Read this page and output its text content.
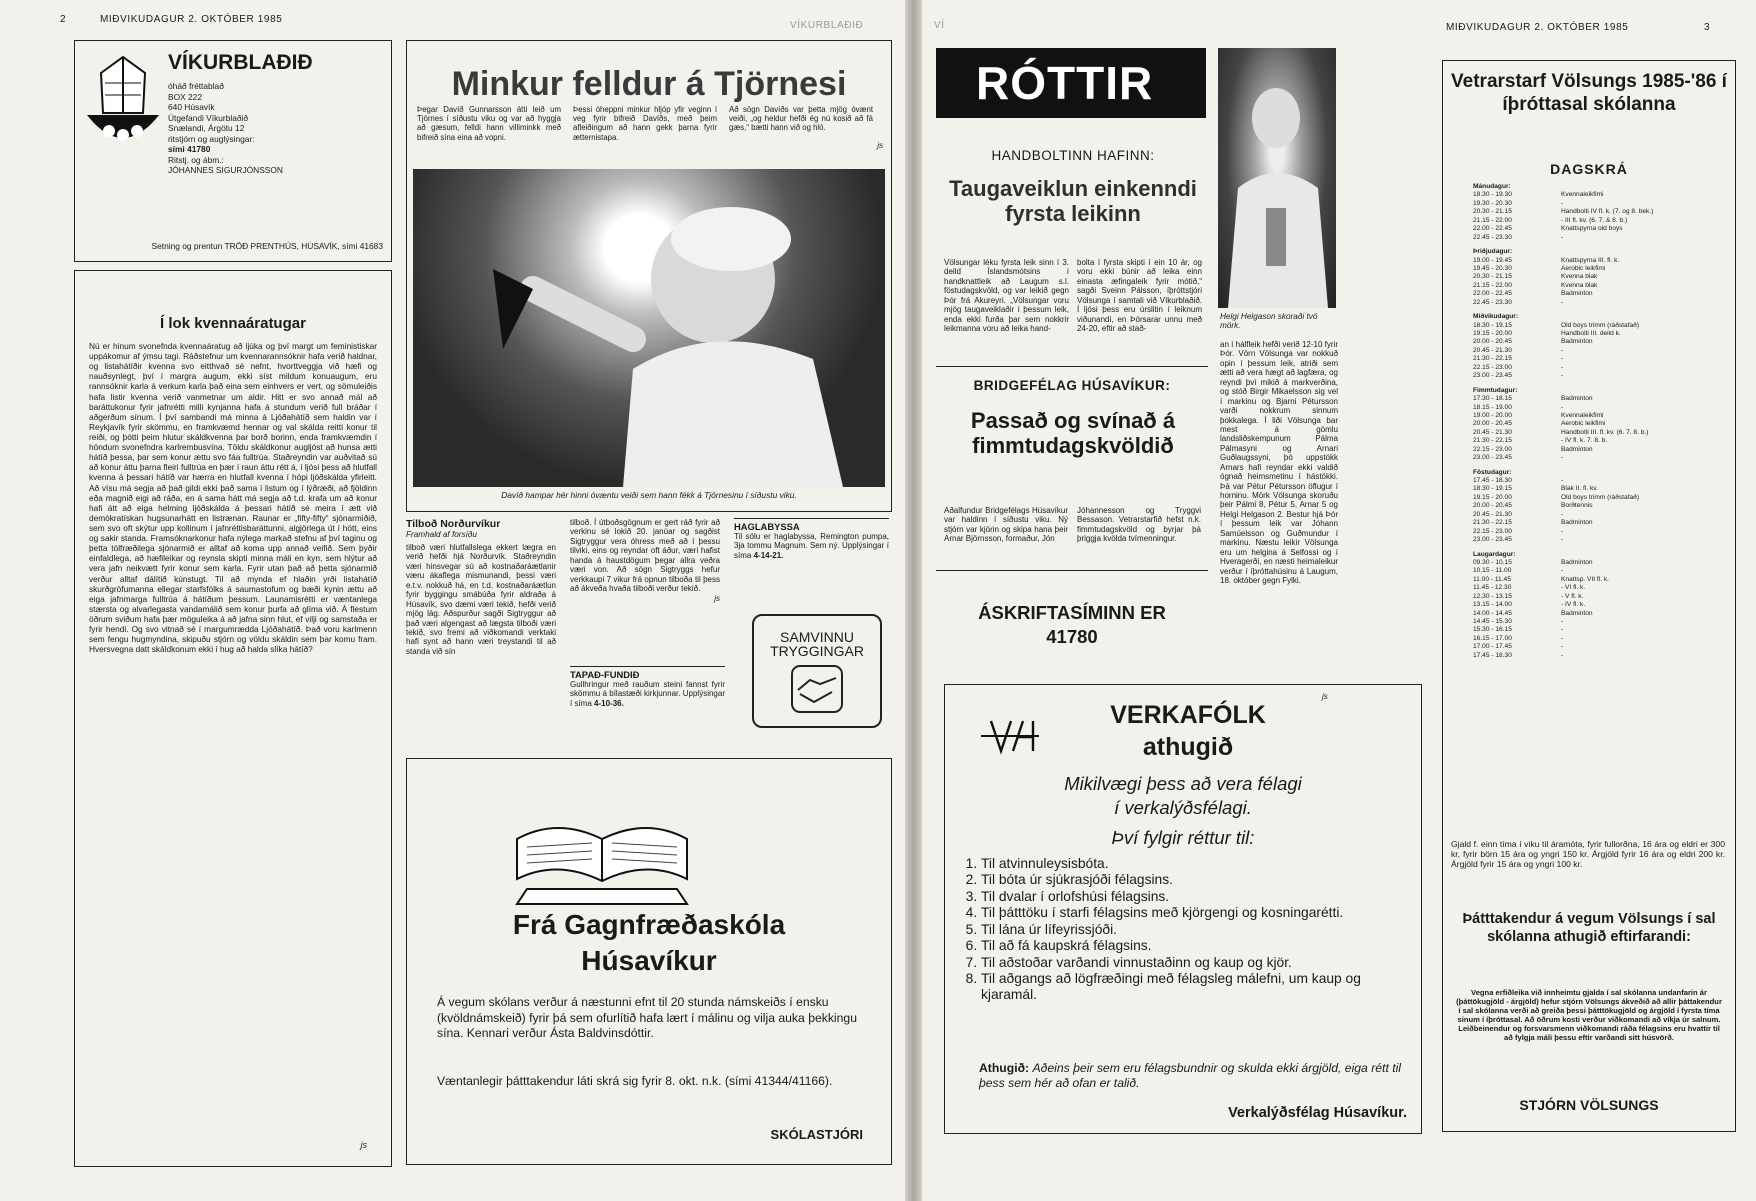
2	MIÐVIKUDAGUR 2. OKTÓBER 1985
VÍKURBLAÐIÐ
VÍKURBLAÐIÐ
óháð fréttablað
BOX 222
640 Húsavík
Útgefandi Víkurblaðið
Snælandi, Árgötu 12
ritstjórn og auglýsingar:
sími 41780
Ritstj. og ábm.:
JÓHANNES SIGURJÓNSSON
Setning og prentun TRÖÐ PRENTHÚS, HÚSAVÍK, sími 41683
Í lok kvennaáratugar
Nú er hinum svonefnda kvennaáratug að ljúka og því margt um feministiskar uppákomur af ýmsu tagi. Ráðstefnur um kvennarannsóknir hafa verið haldnar, og listahátíðir kvenna svo eitthvað sé nefnt, hvorttveggja við hæfi og nauðsynlegt, því í margra augum, ekki síst mildum konuaugum, eru rannsóknir karla á verkum karla það eina sem einhvers er vert, og sömuleiðis hafa listir kvenna verið vanmetnar um aldir. Hitt er svo annað mál að baráttukonur fyrir jafnrétti milli kynjanna hafa á stundum verið full bráðar í aðgerðum sínum. Í því sambandi má minna á Ljóðahátíð sem haldin var í Reykjavík fyrir skömmu, en framkvæmd hennar og val skálda reitti konur til reiði, og þótti þeim hlutur skáldkvenna þar borð borinn, enda framkvæmdin í höndum svonefndra karlrembusvína. Töldu skáldkonur augljóst að hunsa ætti hátíð þessa, þar sem konur ættu svo fáa fulltrúa. Staðreyndin var auðvitað sú að konur áttu þarna fleiri fulltrúa en þær í raun áttu rétt á, í ljósi þess að hlutfall kvenna á þessari hátíð var hærra en hlutfall kvenna í hópi ljóðskálda yfirleitt. Að vísu má segja að það gildi ekki það sama í listum og í lýðræði, að fjöldinn eða magnið eigi að ráða, en á sama hátt má segja að t.d. krafa um að konur hafi átt að eiga helming ljóðskálda á þessari hátíð sé meira í ætt við demókratískan hugsunarhátt en listrænan. Raunar er „fifty-fifty“ sjónarmiðið, sem svo oft skýtur upp kollinum í jafnréttisbaráttunni, algjörlega út í hött, eins og sakir standa. Framsóknarkonur hafa nýlega markað stefnu af því taginu og þetta tölfræðilega sjónarmið er alltaf að koma upp annað veifið. Sem þyðir einfaldlega, að hæfileikar og reynsla skipti minna máli en kyn, sem hlýtur að vera jafn neikvætt fyrir konur sem karla. Fyrir utan það að þetta sjónarmið verður alltaf dálítið kúnstugt. Til að mynda ef hlaðin yrði listahátíð skurðgröfumanna ellegar starfsfólks á saumastofum og bæði kynin ættu að eiga jafnmarga fulltrúa á hátíðum þessum. Launamisrétti er væntanlega stærsta og alvarlegasta vandamálið sem konur þurfa að glíma við. Á flestum öðrum sviðum hafa þær möguleika á að jafna sinn hlut, ef vilji og samstaða er fyrir hendi. Og svo vitnað sé í margumrædda Ljóðahátíð. Það voru karlmenn sem fengu hugmyndina, skipuðu stjórn og völdu skáldin sem þar komu fram. Hversvegna datt skáldkonum ekki í hug að halda slíka hátíð?
js
Minkur felldur á Tjörnesi
Þegar Davíð Gunnarsson átti leið um Tjörnes í síðustu viku og var að hyggja að gæsum, felldi hann villiminkk með bifreið sína eina að vopni.
Þessi óheppni minkur hljóp yfir veginn í veg fyrir bifreið Davíðs, með þeim afleiðingum að hann gekk þarna fyrir ætternistapa.
Að sögn Davíðs var þetta mjög óvænt veiði, „og heldur hefði ég nú kosið að fá gæs,“ bætti hann við og hló.
js
Davíð hampar hér hinni óvæntu veiði sem hann fékk á Tjörnesinu í síðustu viku.
Tilboð Norðurvíkur
Framhald af forsíðu
tilboð væri hlutfallslega ekkert lægra en verið hefði hjá Norðurvík. Staðreyndin væri hinsvegar sú að kostnaðaráætlanir væru ákaflega mismunandi, þessi væri e.t.v. nokkuð há, en t.d. kostnaðaráætlun fyrir byggingu smábúða fyrir aldraða á Húsavík, svo dæmi væri tekið, hefði verið mjög lág. Aðspurður sagði Sigtryggur að það væri algengast að lægsta tilboði væri tekið, svo fremi að viðkomandi verktaki hafi synt að hann væri treystandi til að standa við sín
tilboð. Í útboðsgögnum er gert ráð fyrir að verkinu sé lokið 20. janúar og sagðist Sigtryggur vera óhress með að í þessu tilviki, eins og reyndar oft áður, væri hafist handa á haustdögum þegar allra veðra væri von. Að sögn Sigtryggs hefur verkkaupi 7 vikur frá opnun tilboða til þess að ákveða hvaða tilboði verður tekið.
js
HAGLABYSSA
Til sölu er haglabyssa, Remington pumpa, 3ja tommu Magnum. Sem ný. Upplýsingar í síma 4-14-21.
SAMVINNU
TRYGGINGAR
TAPAÐ-FUNDIÐ
Gullhringur með rauðum steini fannst fyrir skömmu á bílastæði kirkjunnar. Upplýsingar í síma 4-10-36.
Frá Gagnfræðaskóla
Húsavíkur
Á vegum skólans verður á næstunni efnt til 20 stunda námskeiðs í ensku (kvöldnámskeið) fyrir þá sem ofurlítið hafa lært í málinu og vilja auka þekkingu sína. Kennari verður Ásta Baldvinsdóttir.
Væntanlegir þátttakendur láti skrá sig fyrir 8. okt. n.k. (sími 41344/41166).
SKÓLASTJÓRI
VÍ	MIÐVIKUDAGUR 2. OKTÓBER 1985	3
RÓTTIR
HANDBOLTINN HAFINN:
Taugaveiklun einkenndi fyrsta leikinn
Völsungar léku fyrsta leik sinn í 3. deild Íslandsmótsins í handknattleik að Laugum s.l. föstudagskvöld, og var leikið gegn Þór frá Akureyri. „Völsungar voru mjög taugaveiklaðir í þessum leik, enda ekki furða þar sem nokkrir leikmanna voru að leika hand-
bolta í fyrsta skipti í ein 10 ár, og voru ekki búnir að leika einn einasta æfingaleik fyrir mótið,“ sagði Sveinn Pálsson, íþróttstjóri Völsunga í samtali við Víkurblaðið. Í ljósi þess eru úrslitin í leiknum viðunandi, en Þórsarar unnu með 24-20, eftir að stað-
Helgi Helgason skoraði tvö mörk.
an í hálfleik hefði verið 12-10 fyrir Þór. Vörn Völsunga var nokkuð opin í þessum leik, atriði sem ætti að vera hægt að lagfæra, og reyndi því mikið á markverðina, og stóð Birgir Mikaelsson sig vel í markinu og Bjarni Pétursson varði nokkrum sinnum þokkalega. Í liði Völsunga bar mest á gömlu landsliðskempunum Pálma Pálmasyni og Arnari Guðlaugssyni, þó uppstökk Arnars hafi reyndar ekki valdið ógnað heimsmetinu í hástökki. Þá var Pétur Pétursson öflugur í horninu. Mörk Völsunga skoruðu þeir Pálmi 8, Pétur 5, Arnar 5 og Helgi Helgason 2. Bestur hjá Þór í þessum leik var Jóhann Samúelsson og Guðmundur í markinu. Næstu leikir Völsunga eru um helgina á Selfossi og í Hveragerði, en næsti heimaleikur verður í íþróttahúsinu á Laugum, 18. október gegn Fylki.
js
BRIDGEFÉLAG HÚSAVÍKUR:
Passað og svínað á fimmtudagskvöldið
Aðalfundur Bridgefélags Húsavíkur var haldinn í síðustu viku. Ný stjórn var kjörin og skipa hana þeir Arnar Björnsson, formaður, Jón
Jóhannesson og Tryggvi Bessason. Vetrarstarfið hefst n.k. fimmtudagskvöld og byrjar þá þriggja kvölda tvímenningur.
ÁSKRIFTASÍMINN ER
41780
VERKAFÓLK
athugið
Mikilvægi þess að vera félagi
í verkalýðsfélagi.
Því fylgir réttur til:
1. Til atvinnuleysisbóta.
2. Til bóta úr sjúkrasjóði félagsins.
3. Til dvalar í orlofshúsi félagsins.
4. Til þátttöku í starfi félagsins með kjörgengi og kosningarétti.
5. Til lána úr lífeyrissjóði.
6. Til að fá kaupskrá félagsins.
7. Til aðstoðar varðandi vinnustaðinn og kaup og kjör.
8. Til aðgangs að lögfræðingi með félagsleg málefni, um kaup og kjaramál.
Athugið: Aðeins þeir sem eru félagsbundnir og skulda ekki árgjöld, eiga rétt til þess sem hér að ofan er talið.
Verkalýðsfélag Húsavíkur.
Vetrarstarf Völsungs 1985-'86 í íþróttasal skólanna
DAGSKRÁ
Mánudagur:
18.30 - 19.30	Kvennaleikfimi
19.30 - 20.30	-
20.30 - 21.15	Handbolti IV fl. k. (7. og 8. bek.)
21.15 - 22.00	- III fl. kv. (6. 7. & 8. b.)
22.00 - 22.45	Knattspyrna old boys
22.45 - 23.30	-
Þriðjudagur:
19.00 - 19.45	Knattspyrna III. fl. k.
19.45 - 20.30	Aerobic leikfimi
20.30 - 21.15	Kvenna blak
21.15 - 22.00	Kvenna blak
22.00 - 22.45	Badminton
22.45 - 23.30	-
Miðvikudagur:
18.30 - 19.15	Old boys trimm (ráðstafað)
19.15 - 20.00	Handbolti III. deild k.
20.00 - 20.45	Badminton
20.45 - 21.30	-
21.30 - 22.15	-
22.15 - 23.00	-
23.00 - 23.45	-
Fimmtudagur:
17.30 - 18.15	Badminton
18.15 - 19.00	-
19.00 - 20.00	Kvennaleikfimi
20.00 - 20.45	Aerobic leikfimi
20.45 - 21.30	Handbolti III. fl. kv. (6. 7. 8. b.)
21.30 - 22.15	- IV fl. k. 7. 8. b.
22.15 - 23.00	Badminton
23.00 - 23.45	-
Föstudagur:
17.45 - 18.30	-
18.30 - 19.15	Blak II. fl. kv.
19.15 - 20.00	Old boys trimm (ráðstafað)
20.00 - 20.45	Borðtennis
20.45 - 21.30	-
21.30 - 22.15	Badminton
22.15 - 23.00	-
23.00 - 23.45	-
Laugardagur:
09.30 - 10.15	Badminton
10.15 - 11.00	-
11.00 - 11.45	Knattsp. VII fl. k.
11.45 - 12.30	- VI fl. k.
12.30 - 13.15	- V fl. k.
13.15 - 14.00	- IV fl. k.
14.00 - 14.45	Badminton
14.45 - 15.30	-
15.30 - 16.15	-
16.15 - 17.00	-
17.00 - 17.45	-
17.45 - 18.30	-
Gjald f. einn tíma í viku til áramóta, fyrir fullorðna, 16 ára og eldri er 300 kr, fyrir börn 15 ára og yngri 150 kr. Árgjöld fyrir 16 ára og eldri 200 kr. Árgjöld fyrir 15 ára og yngri 100 kr.
Þátttakendur á vegum Völsungs í sal skólanna athugið eftirfarandi:
Vegna erfiðleika við innheimtu gjalda í sal skólanna undanfarin ár (þáttökugjöld - árgjöld) hefur stjórn Völsungs ákveðið að allir þáttakendur í sal skólanna verði að greiða þessi þátttökugjöld og árgjöld í fyrsta tíma sinum í íþróttasal. Að öðrum kosti verður viðkomandi að víkja úr salnum. Leiðbeinendur og forsvarsmenn viðkomandi ráða félagsins eru hvattir til að fylgja máli þessu eftir varðandi sitt húsvörð.
STJÓRN VÖLSUNGS
